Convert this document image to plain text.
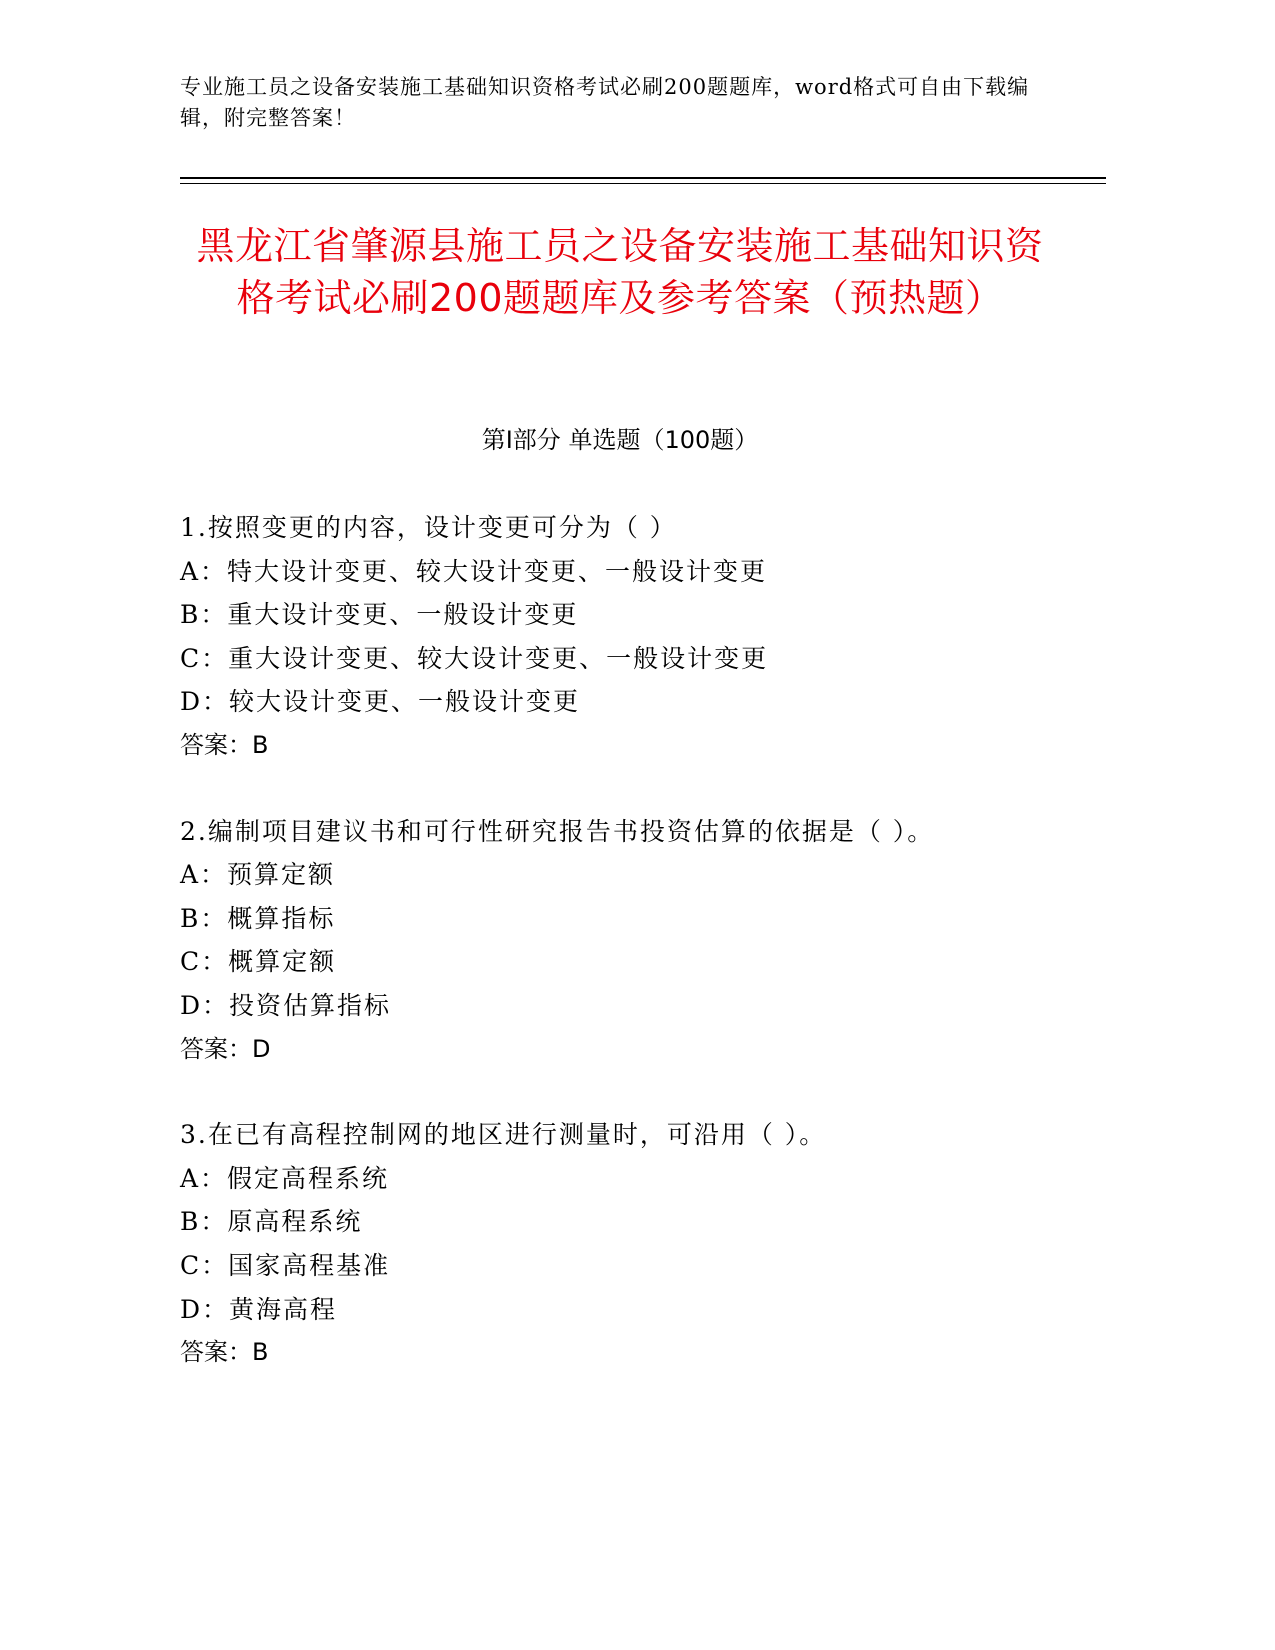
专业施工员之设备安装施工基础知识资格考试必刷200题题库，word格式可自由下载编辑，附完整答案！
黑龙江省肇源县施工员之设备安装施工基础知识资格考试必刷200题题库及参考答案（预热题）
第I部分 单选题（100题）
1.按照变更的内容，设计变更可分为（ ）
A：特大设计变更、较大设计变更、一般设计变更
B：重大设计变更、一般设计变更
C：重大设计变更、较大设计变更、一般设计变更
D：较大设计变更、一般设计变更
答案：B
2.编制项目建议书和可行性研究报告书投资估算的依据是（ ）。
A：预算定额
B：概算指标
C：概算定额
D：投资估算指标
答案：D
3.在已有高程控制网的地区进行测量时，可沿用（ ）。
A：假定高程系统
B：原高程系统
C：国家高程基准
D：黄海高程
答案：B
